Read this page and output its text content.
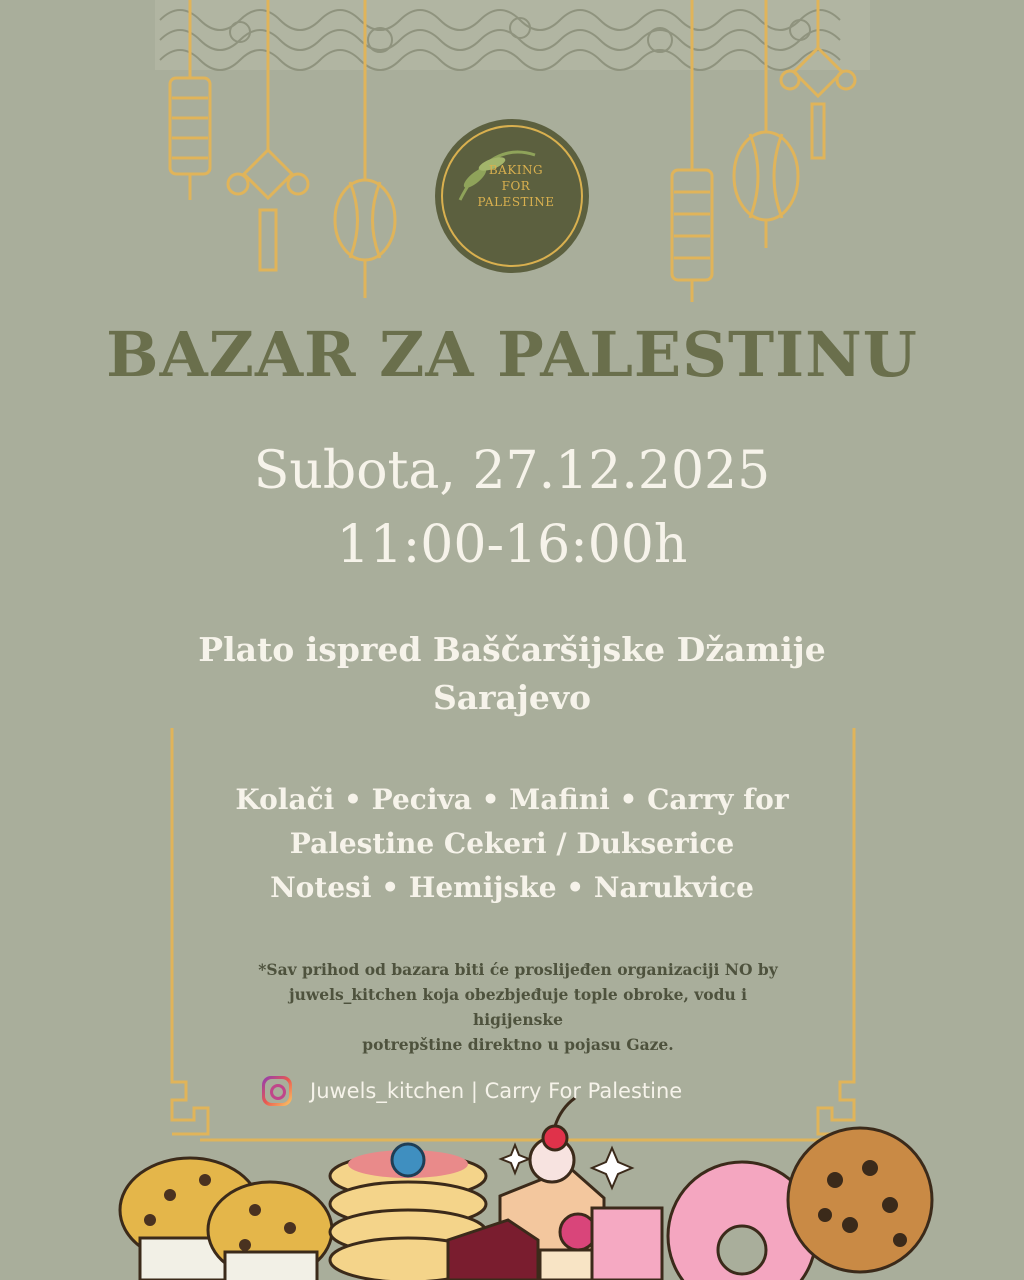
BAKING
FOR
PALESTINE
BAZAR ZA PALESTINU
Subota, 27.12.2025
11:00-16:00h
Plato ispred Baščaršijske Džamije
Sarajevo
Kolači • Peciva • Mafini • Carry for
Palestine Cekeri / Dukserice
Notesi • Hemijske • Narukvice
*Sav prihod od bazara biti će proslijeđen organizaciji NO by
juwels_kitchen koja obezbjeđuje tople obroke, vodu i higijenske
potrepštine direktno u pojasu Gaze.
Juwels_kitchen | Carry For Palestine
